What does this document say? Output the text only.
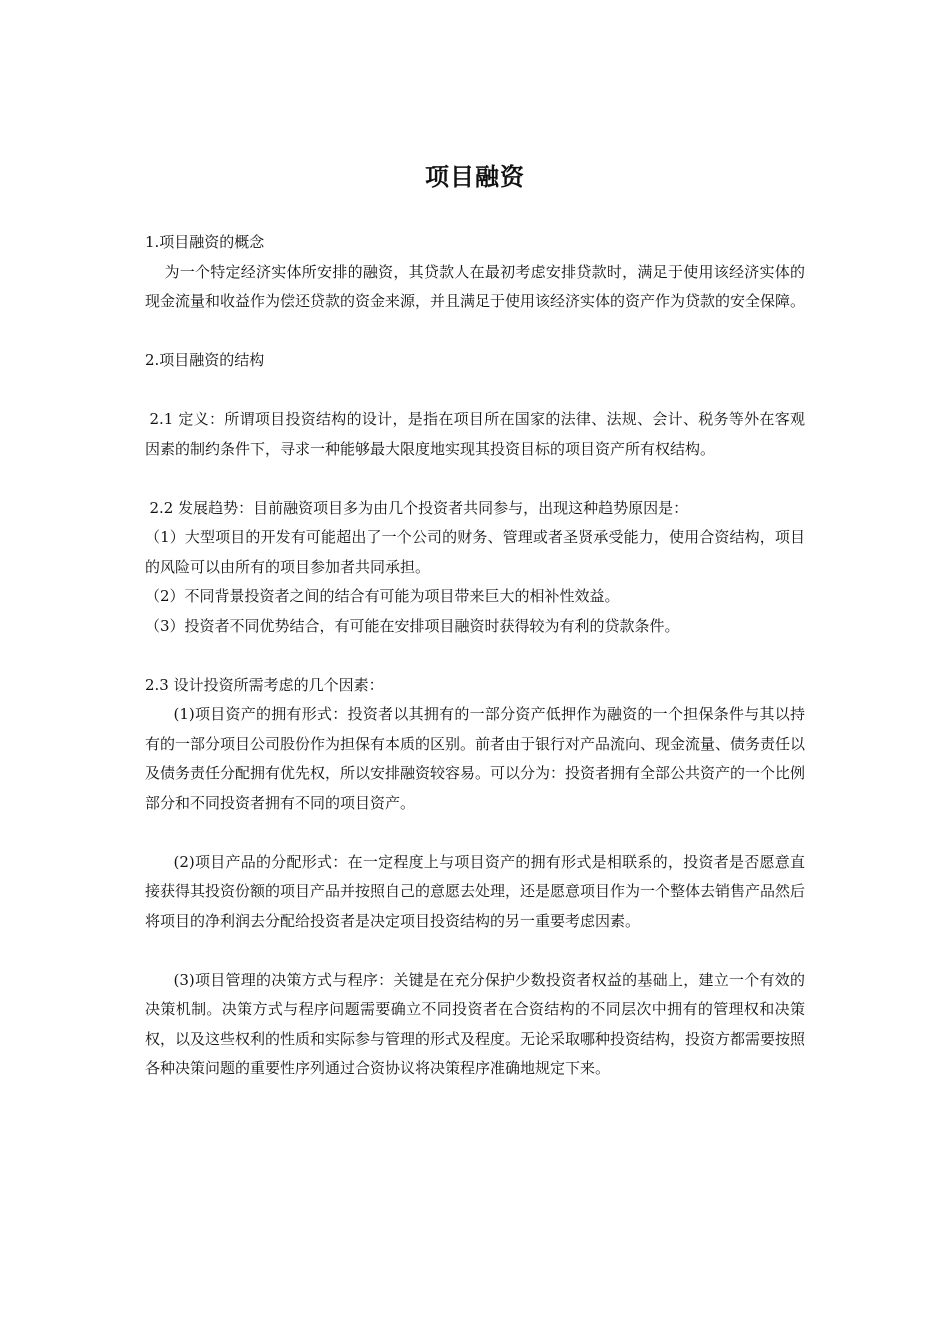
项目融资

1.项目融资的概念

为一个特定经济实体所安排的融资，其贷款人在最初考虑安排贷款时，满足于使用该经济实体的现金流量和收益作为偿还贷款的资金来源，并且满足于使用该经济实体的资产作为贷款的安全保障。

2.项目融资的结构

2.1 定义：所谓项目投资结构的设计，是指在项目所在国家的法律、法规、会计、税务等外在客观因素的制约条件下，寻求一种能够最大限度地实现其投资目标的项目资产所有权结构。

2.2 发展趋势：目前融资项目多为由几个投资者共同参与，出现这种趋势原因是：

（1）大型项目的开发有可能超出了一个公司的财务、管理或者圣贤承受能力，使用合资结构，项目的风险可以由所有的项目参加者共同承担。

（2）不同背景投资者之间的结合有可能为项目带来巨大的相补性效益。

（3）投资者不同优势结合，有可能在安排项目融资时获得较为有利的贷款条件。

2.3 设计投资所需考虑的几个因素：

(1)项目资产的拥有形式：投资者以其拥有的一部分资产低押作为融资的一个担保条件与其以持有的一部分项目公司股份作为担保有本质的区别。前者由于银行对产品流向、现金流量、债务责任以及债务责任分配拥有优先权，所以安排融资较容易。可以分为：投资者拥有全部公共资产的一个比例部分和不同投资者拥有不同的项目资产。

(2)项目产品的分配形式：在一定程度上与项目资产的拥有形式是相联系的，投资者是否愿意直接获得其投资份额的项目产品并按照自己的意愿去处理，还是愿意项目作为一个整体去销售产品然后将项目的净利润去分配给投资者是决定项目投资结构的另一重要考虑因素。

(3)项目管理的决策方式与程序：关键是在充分保护少数投资者权益的基础上，建立一个有效的决策机制。决策方式与程序问题需要确立不同投资者在合资结构的不同层次中拥有的管理权和决策权，以及这些权利的性质和实际参与管理的形式及程度。无论采取哪种投资结构，投资方都需要按照各种决策问题的重要性序列通过合资协议将决策程序准确地规定下来。
